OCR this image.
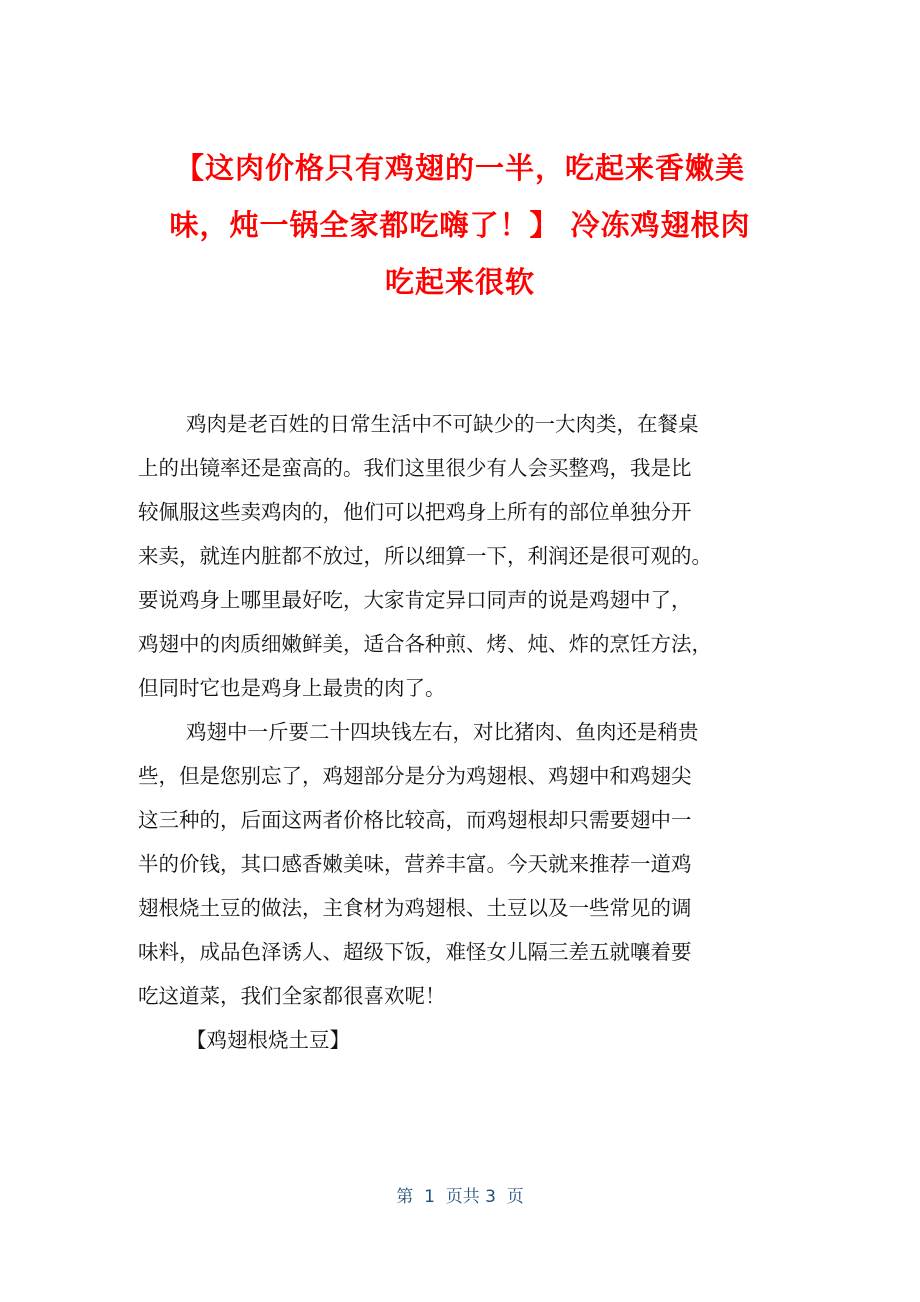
【这肉价格只有鸡翅的一半，吃起来香嫩美
味，炖一锅全家都吃嗨了！】 冷冻鸡翅根肉
吃起来很软

鸡肉是老百姓的日常生活中不可缺少的一大肉类，在餐桌
上的出镜率还是蛮高的。我们这里很少有人会买整鸡，我是比
较佩服这些卖鸡肉的，他们可以把鸡身上所有的部位单独分开
来卖，就连内脏都不放过，所以细算一下，利润还是很可观的。
要说鸡身上哪里最好吃，大家肯定异口同声的说是鸡翅中了，
鸡翅中的肉质细嫩鲜美，适合各种煎、烤、炖、炸的烹饪方法，
但同时它也是鸡身上最贵的肉了。

鸡翅中一斤要二十四块钱左右，对比猪肉、鱼肉还是稍贵
些，但是您别忘了，鸡翅部分是分为鸡翅根、鸡翅中和鸡翅尖
这三种的，后面这两者价格比较高，而鸡翅根却只需要翅中一
半的价钱，其口感香嫩美味，营养丰富。今天就来推荐一道鸡
翅根烧土豆的做法，主食材为鸡翅根、土豆以及一些常见的调
味料，成品色泽诱人、超级下饭，难怪女儿隔三差五就嚷着要
吃这道菜，我们全家都很喜欢呢！

【鸡翅根烧土豆】

第  1  页共 3  页
